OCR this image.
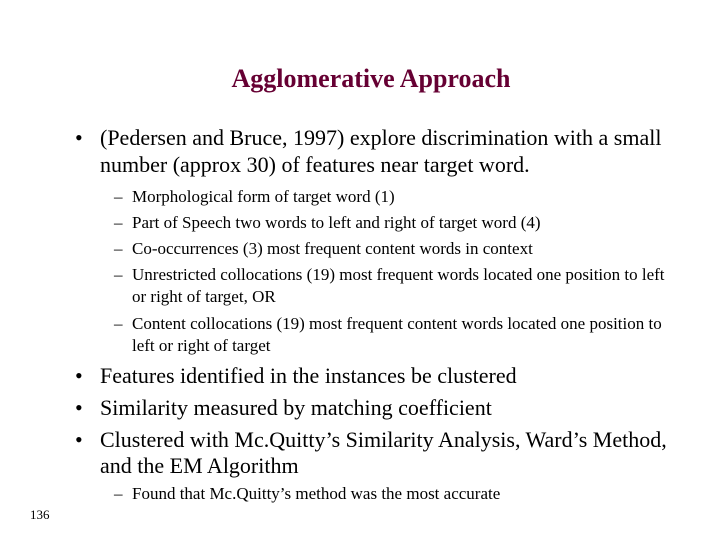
Agglomerative Approach
• (Pedersen and Bruce, 1997) explore discrimination with a small number (approx 30) of features near target word.
– Morphological form of target word (1)
– Part of Speech two words to left and right of target word (4)
– Co-occurrences (3) most frequent content words in context
– Unrestricted collocations (19) most frequent words located one position to left or right of target, OR
– Content collocations (19) most frequent content words located one position to left or right of target
• Features identified in the instances be clustered
• Similarity measured by matching coefficient
• Clustered with Mc.Quitty’s Similarity Analysis, Ward’s Method, and the EM Algorithm
– Found that Mc.Quitty’s method was the most accurate
136
